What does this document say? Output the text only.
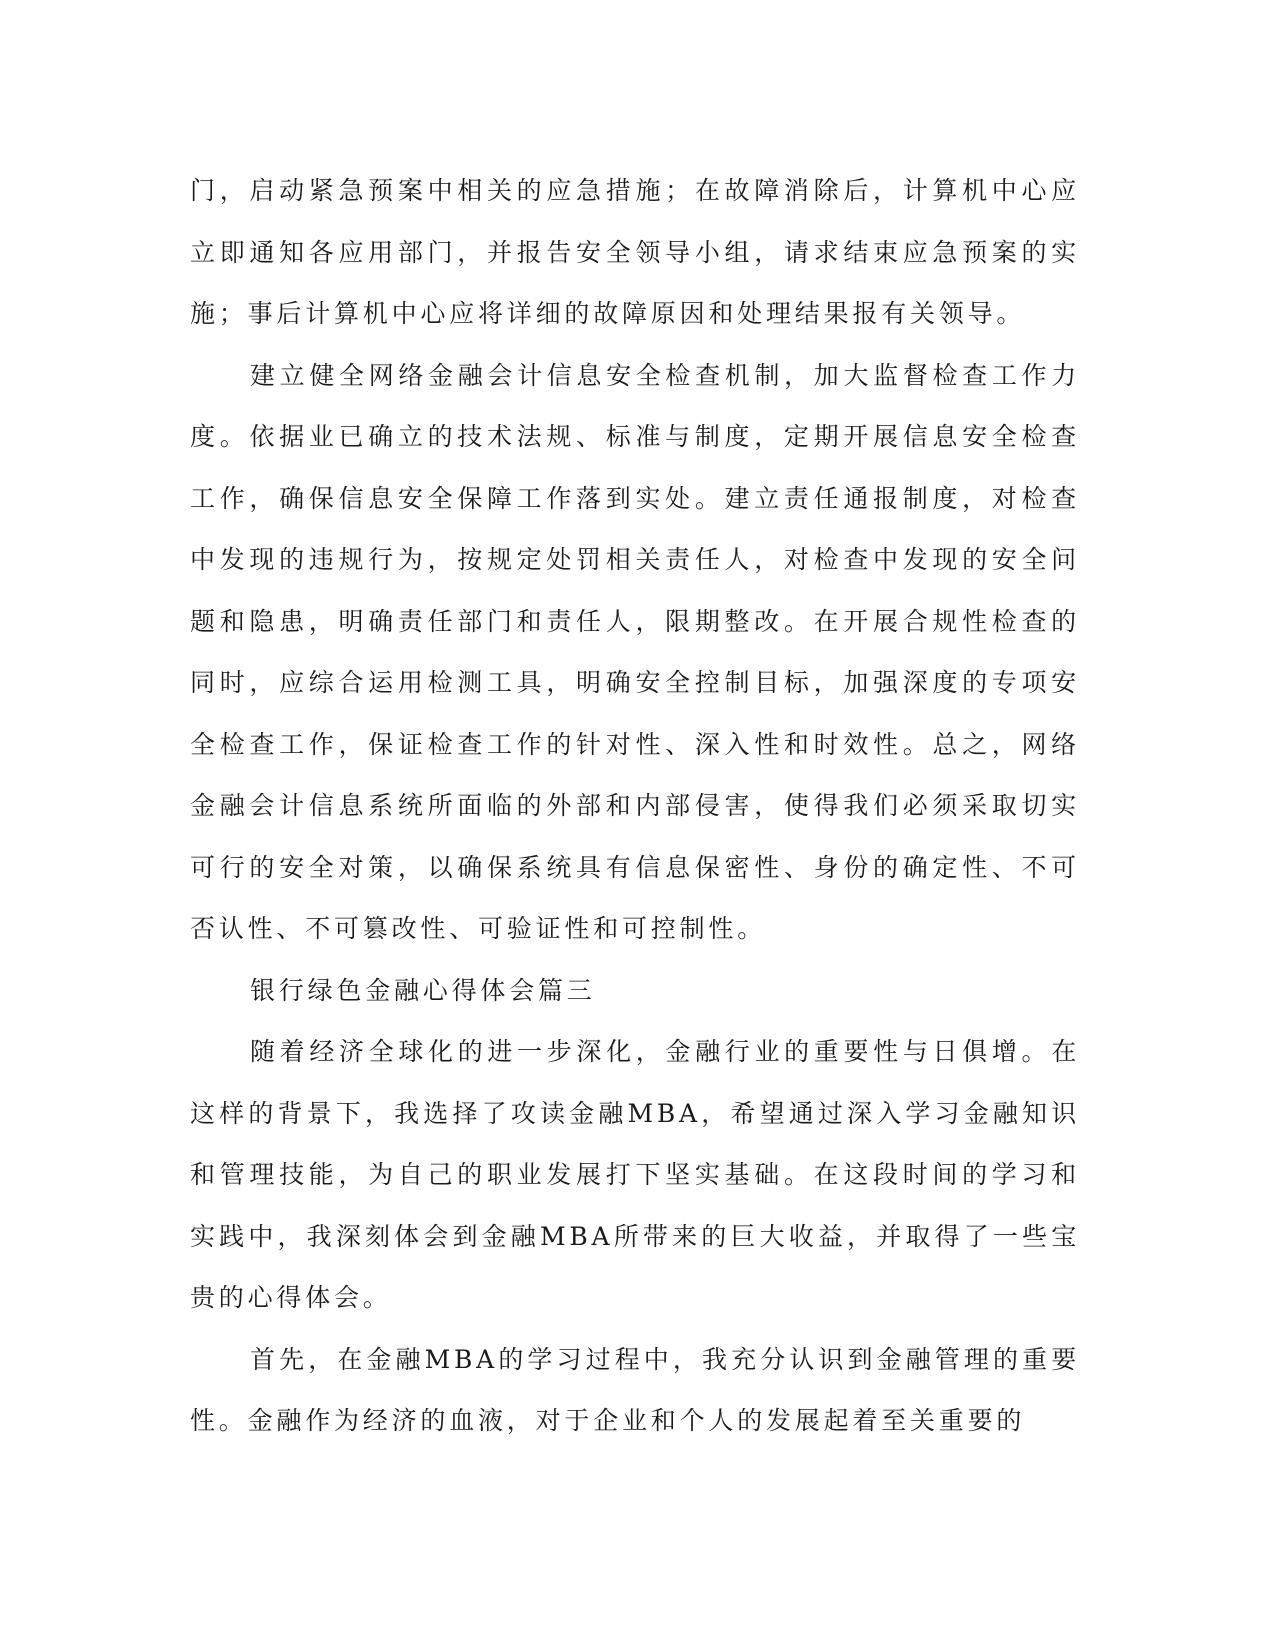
门，启动紧急预案中相关的应急措施；在故障消除后，计算机中心应立即通知各应用部门，并报告安全领导小组，请求结束应急预案的实施；事后计算机中心应将详细的故障原因和处理结果报有关领导。

建立健全网络金融会计信息安全检查机制，加大监督检查工作力度。依据业已确立的技术法规、标准与制度，定期开展信息安全检查工作，确保信息安全保障工作落到实处。建立责任通报制度，对检查中发现的违规行为，按规定处罚相关责任人，对检查中发现的安全问题和隐患，明确责任部门和责任人，限期整改。在开展合规性检查的同时，应综合运用检测工具，明确安全控制目标，加强深度的专项安全检查工作，保证检查工作的针对性、深入性和时效性。总之，网络金融会计信息系统所面临的外部和内部侵害，使得我们必须采取切实可行的安全对策，以确保系统具有信息保密性、身份的确定性、不可否认性、不可篡改性、可验证性和可控制性。

银行绿色金融心得体会篇三

随着经济全球化的进一步深化，金融行业的重要性与日俱增。在这样的背景下，我选择了攻读金融MBA，希望通过深入学习金融知识和管理技能，为自己的职业发展打下坚实基础。在这段时间的学习和实践中，我深刻体会到金融MBA所带来的巨大收益，并取得了一些宝贵的心得体会。

首先，在金融MBA的学习过程中，我充分认识到金融管理的重要性。金融作为经济的血液，对于企业和个人的发展起着至关重要的
